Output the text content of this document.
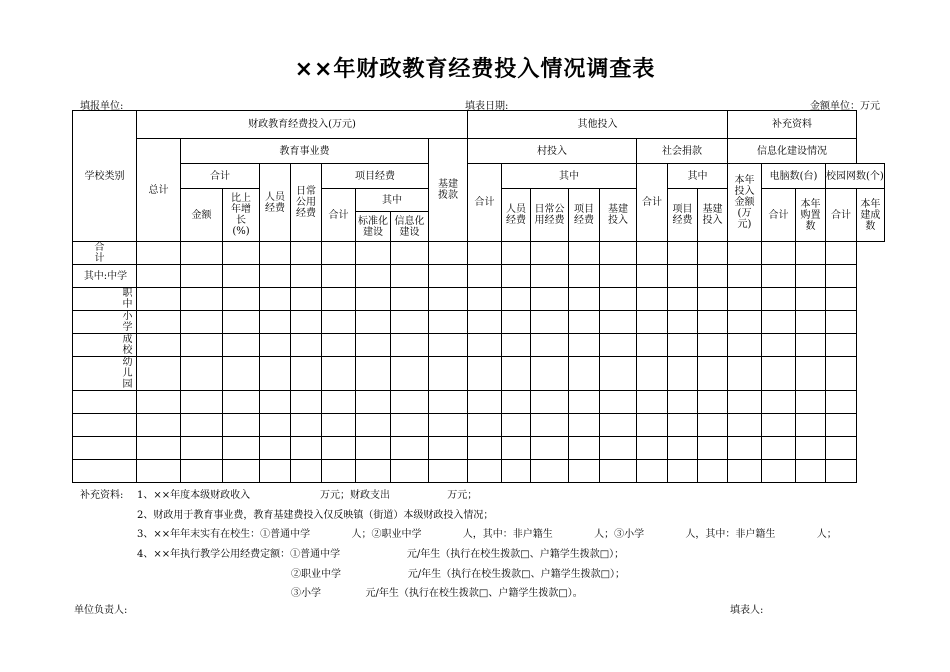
××年财政教育经费投入情况调查表
填报单位:	填表日期:	金额单位：万元
学校类别	财政教育经费投入(万元)									其他投入								补充资料				
	总计	教育事业费							基建拨款	村投入					社会捐款			信息化建设情况				
		合计		人员经费	日常公用经费	项目经费				合计	其中				合计	其中		本年投入金额(万元)	电脑数(台)		校园网数(个)	
		金额	比上年增长(%)			合计	其中				人员经费	日常公用经费	项目经费	基建投入		项目经费	基建投入		合计	本年购置数	合计	本年建成数
							标准化建设	信息化建设														
合计																						
其中:中学																						
职中																						
小学																						
成校																						
幼儿园																						

补充资料: 1、××年度本级财政收入                      万元；财政支出                  万元；
2、财政用于教育事业费，教育基建费投入仅反映镇（街道）本级财政投入情况；
3、××年年末实有在校生：①普通中学             人；②职业中学             人，其中：非户籍生             人；③小学             人，其中：非户籍生             人；
4、××年执行教学公用经费定额：①普通中学                     元/年生（执行在校生拨款□、户籍学生拨款□）；
②职业中学                     元/年生（执行在校生拨款□、户籍学生拨款□）；
③小学              元/年生（执行在校生拨款□、户籍学生拨款□）。
单位负责人:	填表人:
